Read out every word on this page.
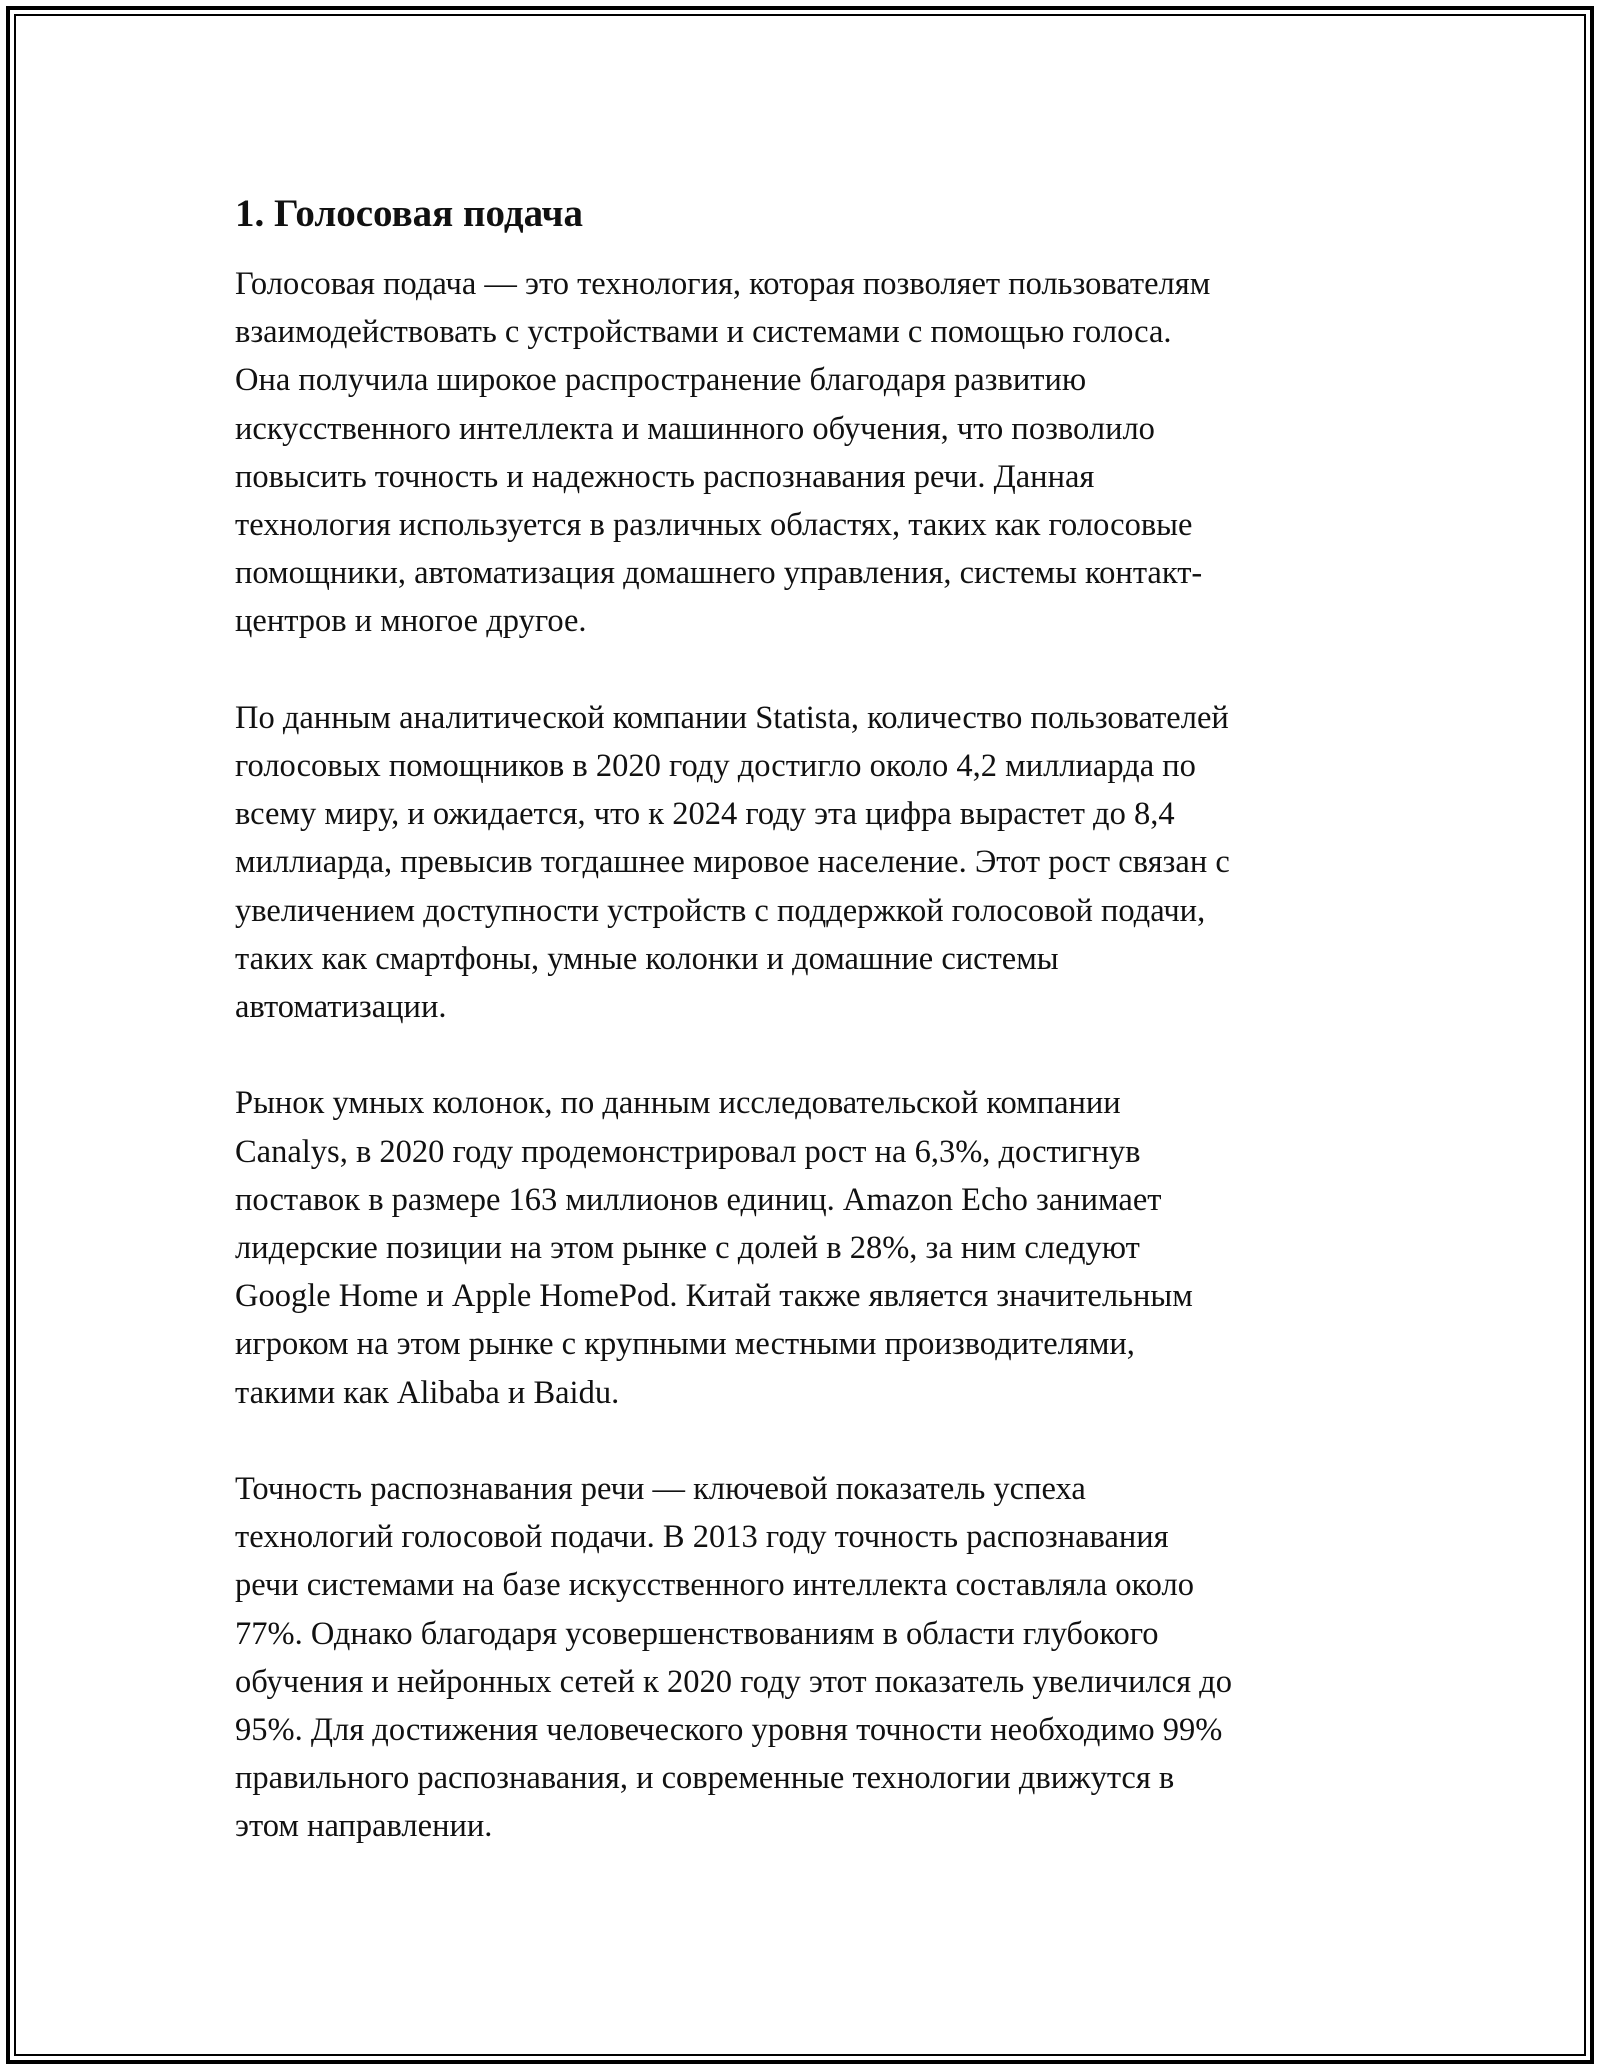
1. Голосовая подача

Голосовая подача — это технология, которая позволяет пользователям
взаимодействовать с устройствами и системами с помощью голоса.
Она получила широкое распространение благодаря развитию
искусственного интеллекта и машинного обучения, что позволило
повысить точность и надежность распознавания речи. Данная
технология используется в различных областях, таких как голосовые
помощники, автоматизация домашнего управления, системы контакт-
центров и многое другое.

По данным аналитической компании Statista, количество пользователей
голосовых помощников в 2020 году достигло около 4,2 миллиарда по
всему миру, и ожидается, что к 2024 году эта цифра вырастет до 8,4
миллиарда, превысив тогдашнее мировое население. Этот рост связан с
увеличением доступности устройств с поддержкой голосовой подачи,
таких как смартфоны, умные колонки и домашние системы
автоматизации.

Рынок умных колонок, по данным исследовательской компании
Canalys, в 2020 году продемонстрировал рост на 6,3%, достигнув
поставок в размере 163 миллионов единиц. Amazon Echo занимает
лидерские позиции на этом рынке с долей в 28%, за ним следуют
Google Home и Apple HomePod. Китай также является значительным
игроком на этом рынке с крупными местными производителями,
такими как Alibaba и Baidu.

Точность распознавания речи — ключевой показатель успеха
технологий голосовой подачи. В 2013 году точность распознавания
речи системами на базе искусственного интеллекта составляла около
77%. Однако благодаря усовершенствованиям в области глубокого
обучения и нейронных сетей к 2020 году этот показатель увеличился до
95%. Для достижения человеческого уровня точности необходимо 99%
правильного распознавания, и современные технологии движутся в
этом направлении.
